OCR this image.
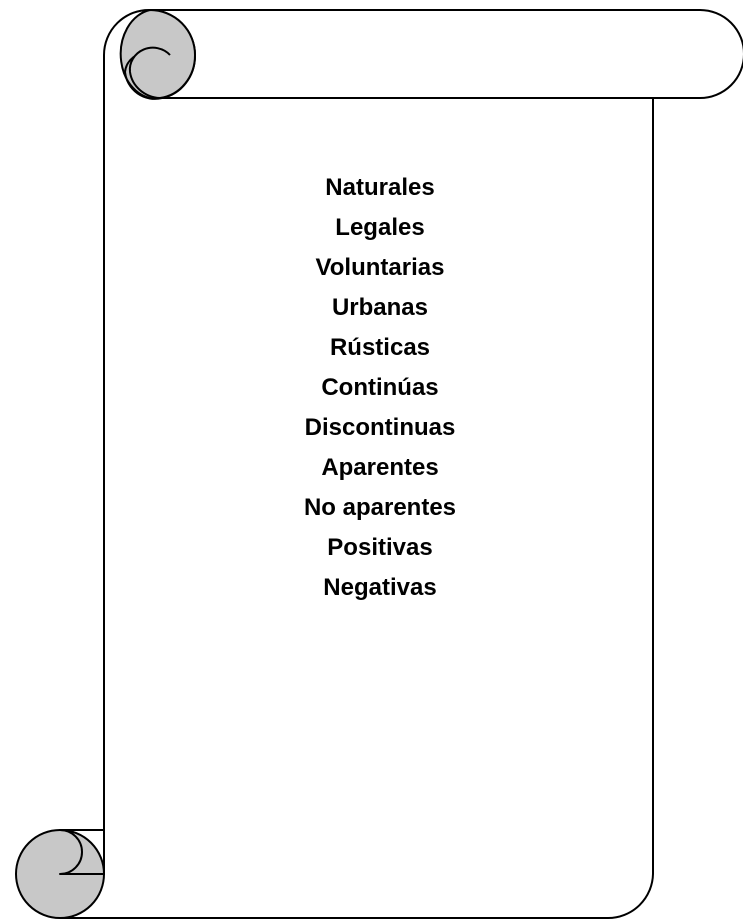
Naturales
Legales
Voluntarias
Urbanas
Rústicas
Continúas
Discontinuas
Aparentes
No aparentes
Positivas
Negativas
